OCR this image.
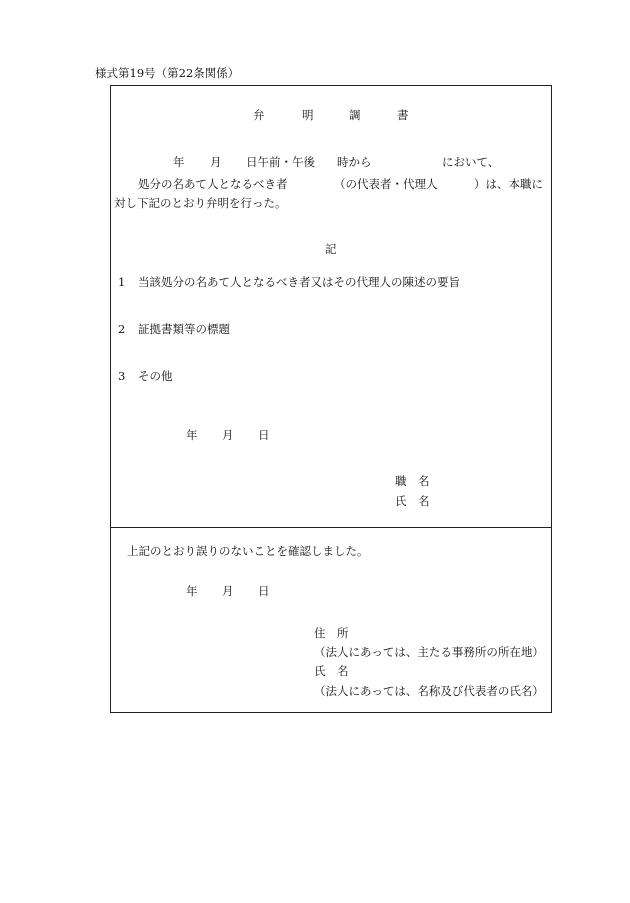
様式第19号（第22条関係）
弁	明	調	書
年 月 日午前・午後 時から	において、
処分の名あて人となるべき者	（の代表者・代理人	）は、本職に
対し下記のとおり弁明を行った。
記
1 当該処分の名あて人となるべき者又はその代理人の陳述の要旨
2 証拠書類等の標題
3 その他
年 月 日
職　名
氏　名
上記のとおり誤りのないことを確認しました。
年 月 日
住　所
（法人にあっては、主たる事務所の所在地）
氏　名
（法人にあっては、名称及び代表者の氏名）
